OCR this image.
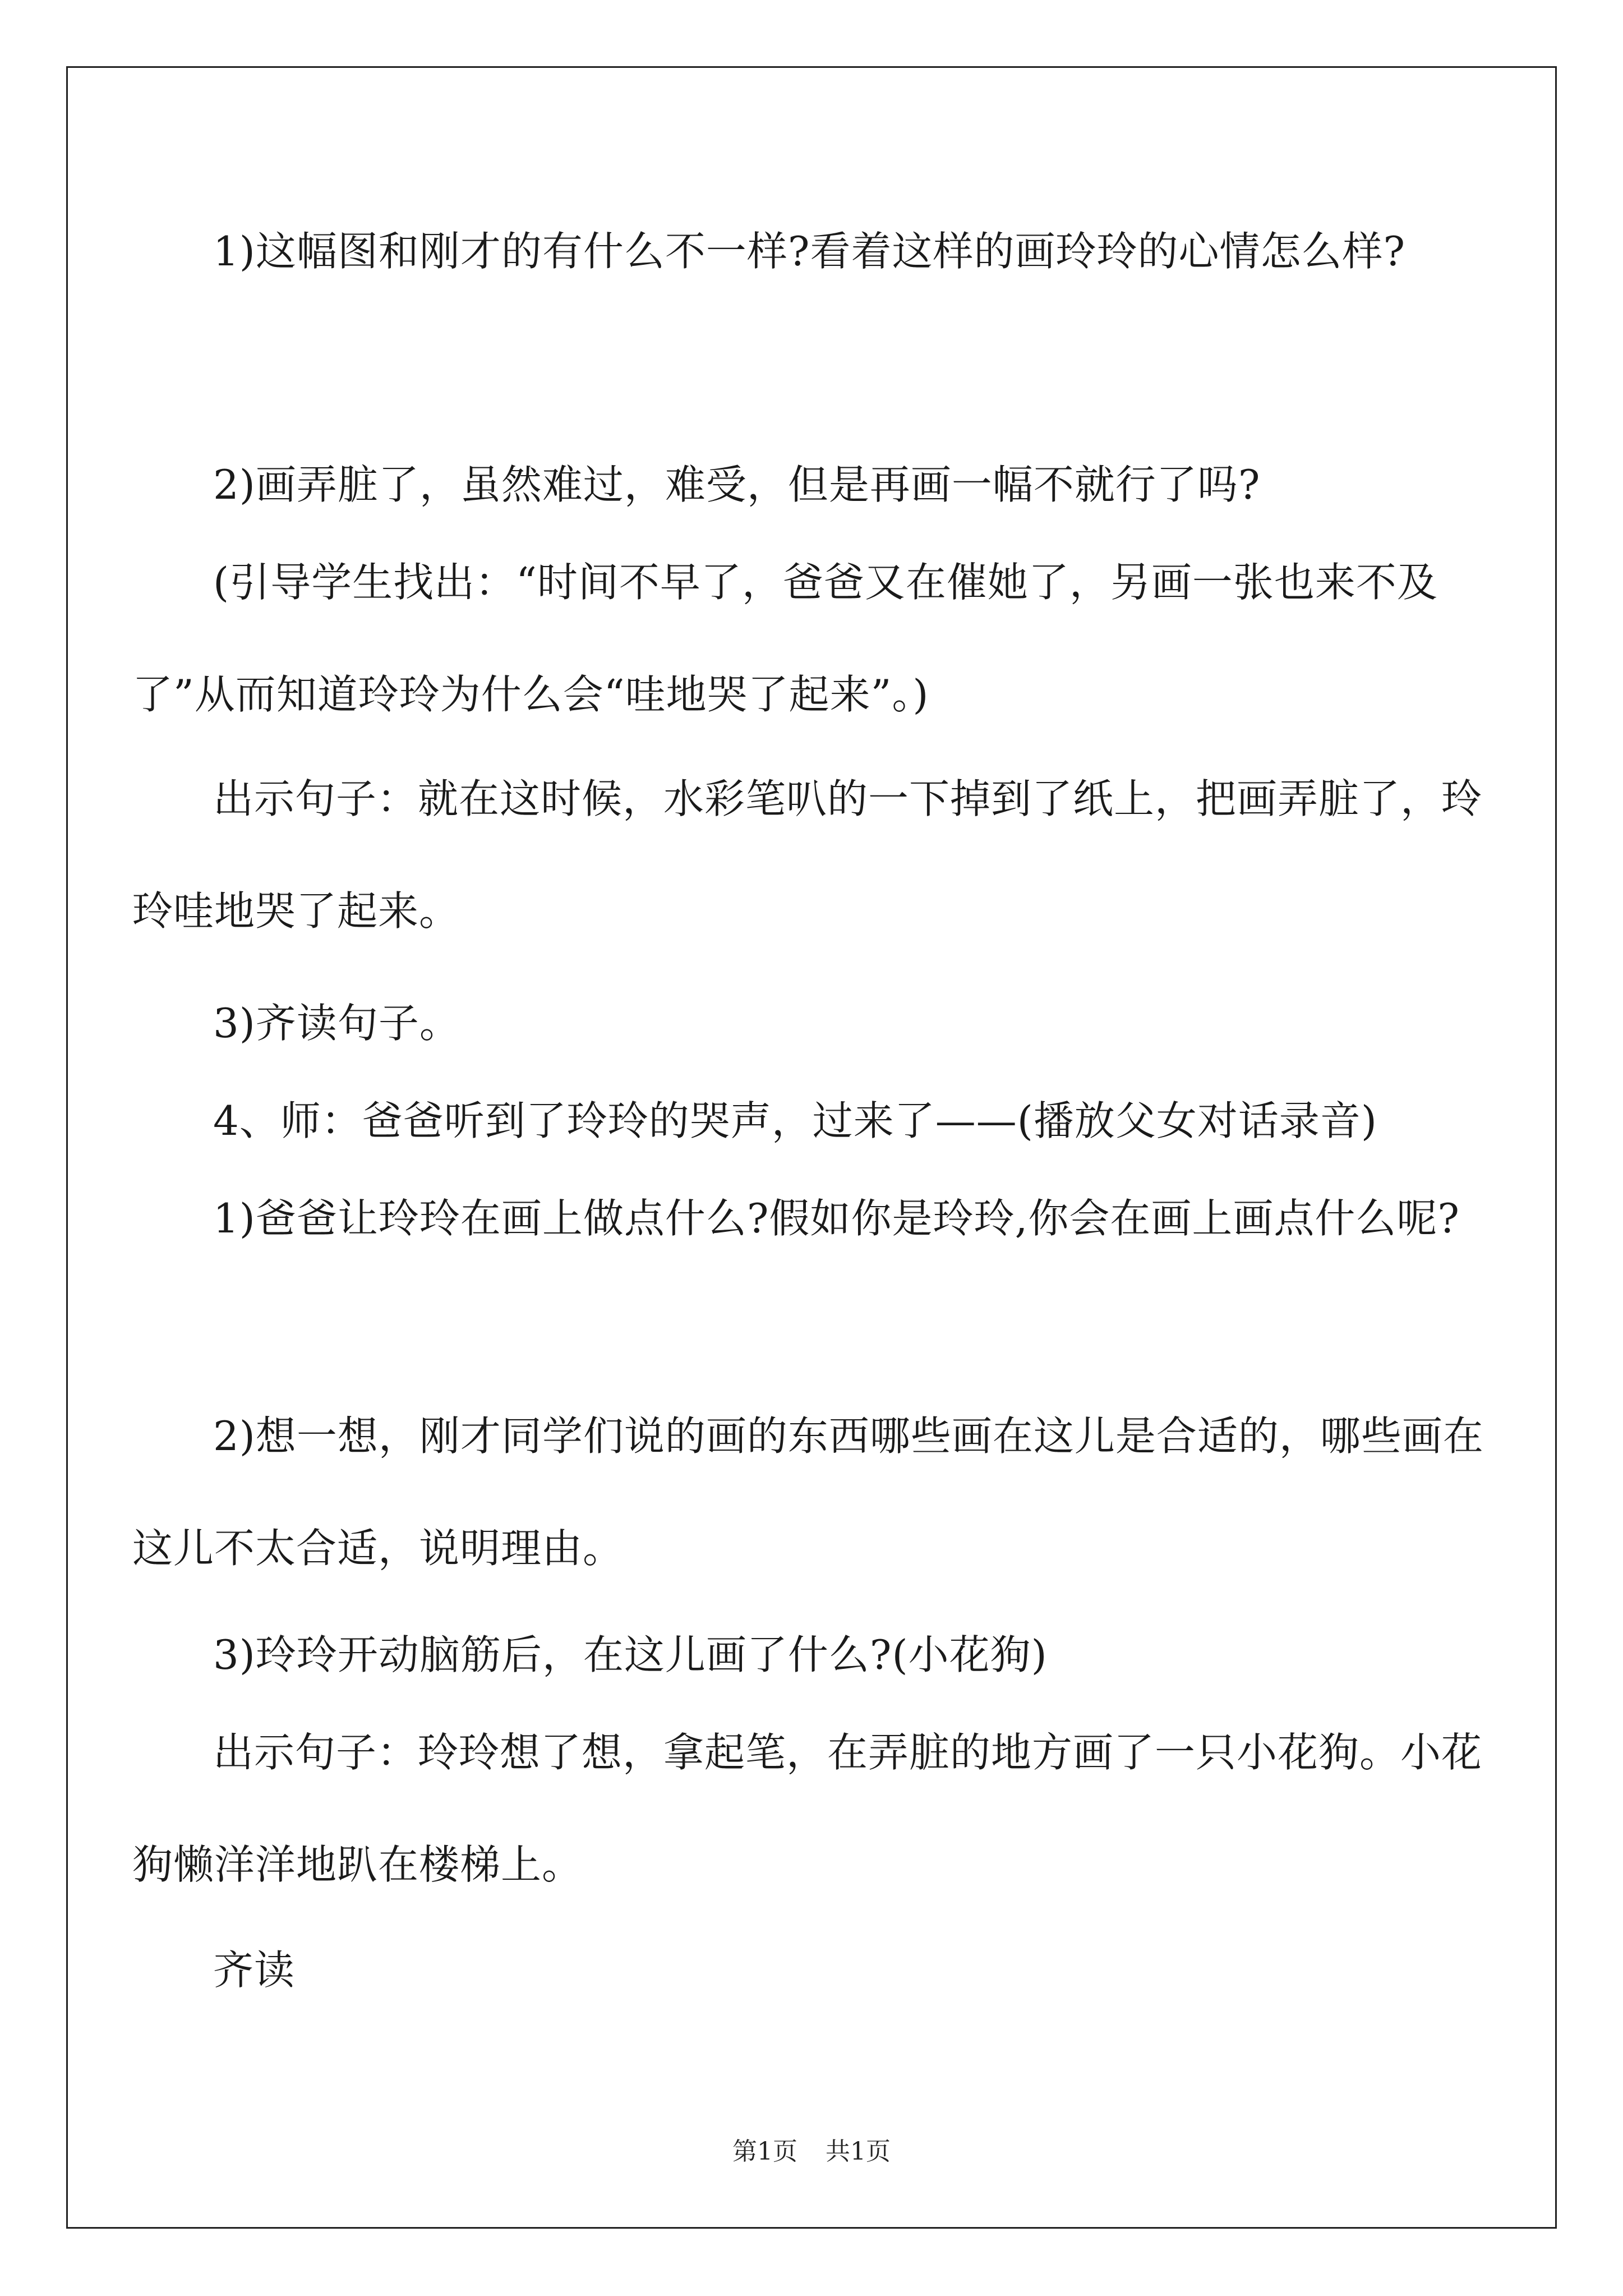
1)这幅图和刚才的有什么不一样?看着这样的画玲玲的心情怎么样?

2)画弄脏了，虽然难过，难受，但是再画一幅不就行了吗?

(引导学生找出：“时间不早了，爸爸又在催她了，另画一张也来不及了”从而知道玲玲为什么会“哇地哭了起来”。)

出示句子：就在这时候，水彩笔叭的一下掉到了纸上，把画弄脏了，玲玲哇地哭了起来。

3)齐读句子。

4、师：爸爸听到了玲玲的哭声，过来了——(播放父女对话录音)

1)爸爸让玲玲在画上做点什么?假如你是玲玲,你会在画上画点什么呢?

2)想一想，刚才同学们说的画的东西哪些画在这儿是合适的，哪些画在这儿不太合适，说明理由。

3)玲玲开动脑筋后，在这儿画了什么?(小花狗)

出示句子：玲玲想了想，拿起笔，在弄脏的地方画了一只小花狗。小花狗懒洋洋地趴在楼梯上。

齐读

第1页 共1页
